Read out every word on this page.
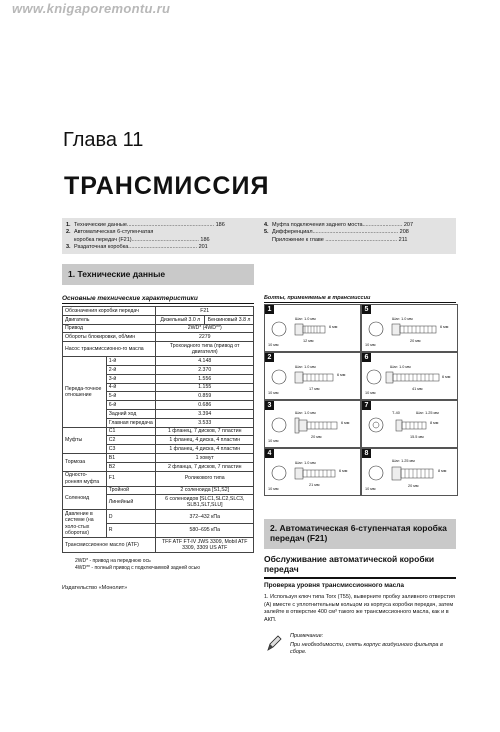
www.knigaporemontu.ru
Глава 11
ТРАНСМИССИЯ
1. Технические данные......................................................... 186
2. Автоматическая 6-ступенчатая
коробка передач (F21)............................................ 186
3. Раздаточная коробка............................................. 201
4. Муфта подключения заднего моста.......................... 207
5. Дифференциал........................................................ 208
Приложение к главе ............................................... 211
1. Технические данные
Основные технические характеристики	Болты, применяемые в трансмиссии
Обозначения коробки передач		F21	
Двигатель		Дизельный 3.0 л	Бензиновый 3.8 л
Привод		2WD* (4WD**)	
Обороты блокировки, об/мин		2279	
Насос трансмиссионно-го масла		Трохоидного типа (привод от двигателя)	
Переда-точное отношение	1-й	4.148	
	2-й	2.370	
	3-й	1.556	
	4-й	1.155	
	5-й	0.859	
	6-й	0.686	
	Задний ход	3.394	
	Главная передача	3.533	
Муфты	C1	1 фланец, 7 дисков, 7 пластин	
	C2	1 фланец, 4 диска, 4 пластин	
	C3	1 фланец, 4 диска, 4 пластин	
Тормоза	B1	1 хомут	
	B2	2 фланца, 7 дисков, 7 пластин	
Односто-ронняя муфта	F1	Роликового типа	
Соленоид	Тройной	2 соленоида [S1,S2]	
	Линейный	6 соленоидов [SLC1,SLC2,SLC3, SLB1,SLT,SLU]	
Давление в системе (на холо-стых оборотах)	D	372–432 кПа	
	R	580–695 кПа	
Трансмиссионное масло (ATF)		TFF ATF FT-IV JWS 3309, Mobil ATF 3309, 3309 US ATF	
2WD* - привод на переднюю ось
4WD** - полный привод с подключаемой задней осью
Издательство «Монолит»
1
Шаг: 1.0 мм
10 мм
12 мм
6 мм
5
Шаг: 1.0 мм
10 мм
20 мм
6 мм
2
Шаг: 1.0 мм
10 мм
17 мм
6 мм
6
Шаг: 1.0 мм
10 мм
41 мм
6 мм
3
Шаг: 1.0 мм
10 мм
20 мм
6 мм
7
Т-40	Шаг: 1.25 мм
15.5 мм
8 мм
4
Шаг: 1.0 мм
10 мм
21 мм
6 мм
8
Шаг: 1.25 мм
10 мм
20 мм
8 мм
2. Автоматическая 6-ступенчатая коробка передач (F21)
Обслуживание автоматической коробки передач
Проверка уровня трансмиссионного масла
1. Используя ключ типа Torx (T55), выверните пробку заливного отверстия (A) вместе с уплотнительным кольцом из корпуса коробки передач, затем залейте в отверстие 400 см³ такого же трансмиссионного масла, как и в АКП.
Примечание:
При необходимости, снять корпус воздушного фильтра в сборе.
